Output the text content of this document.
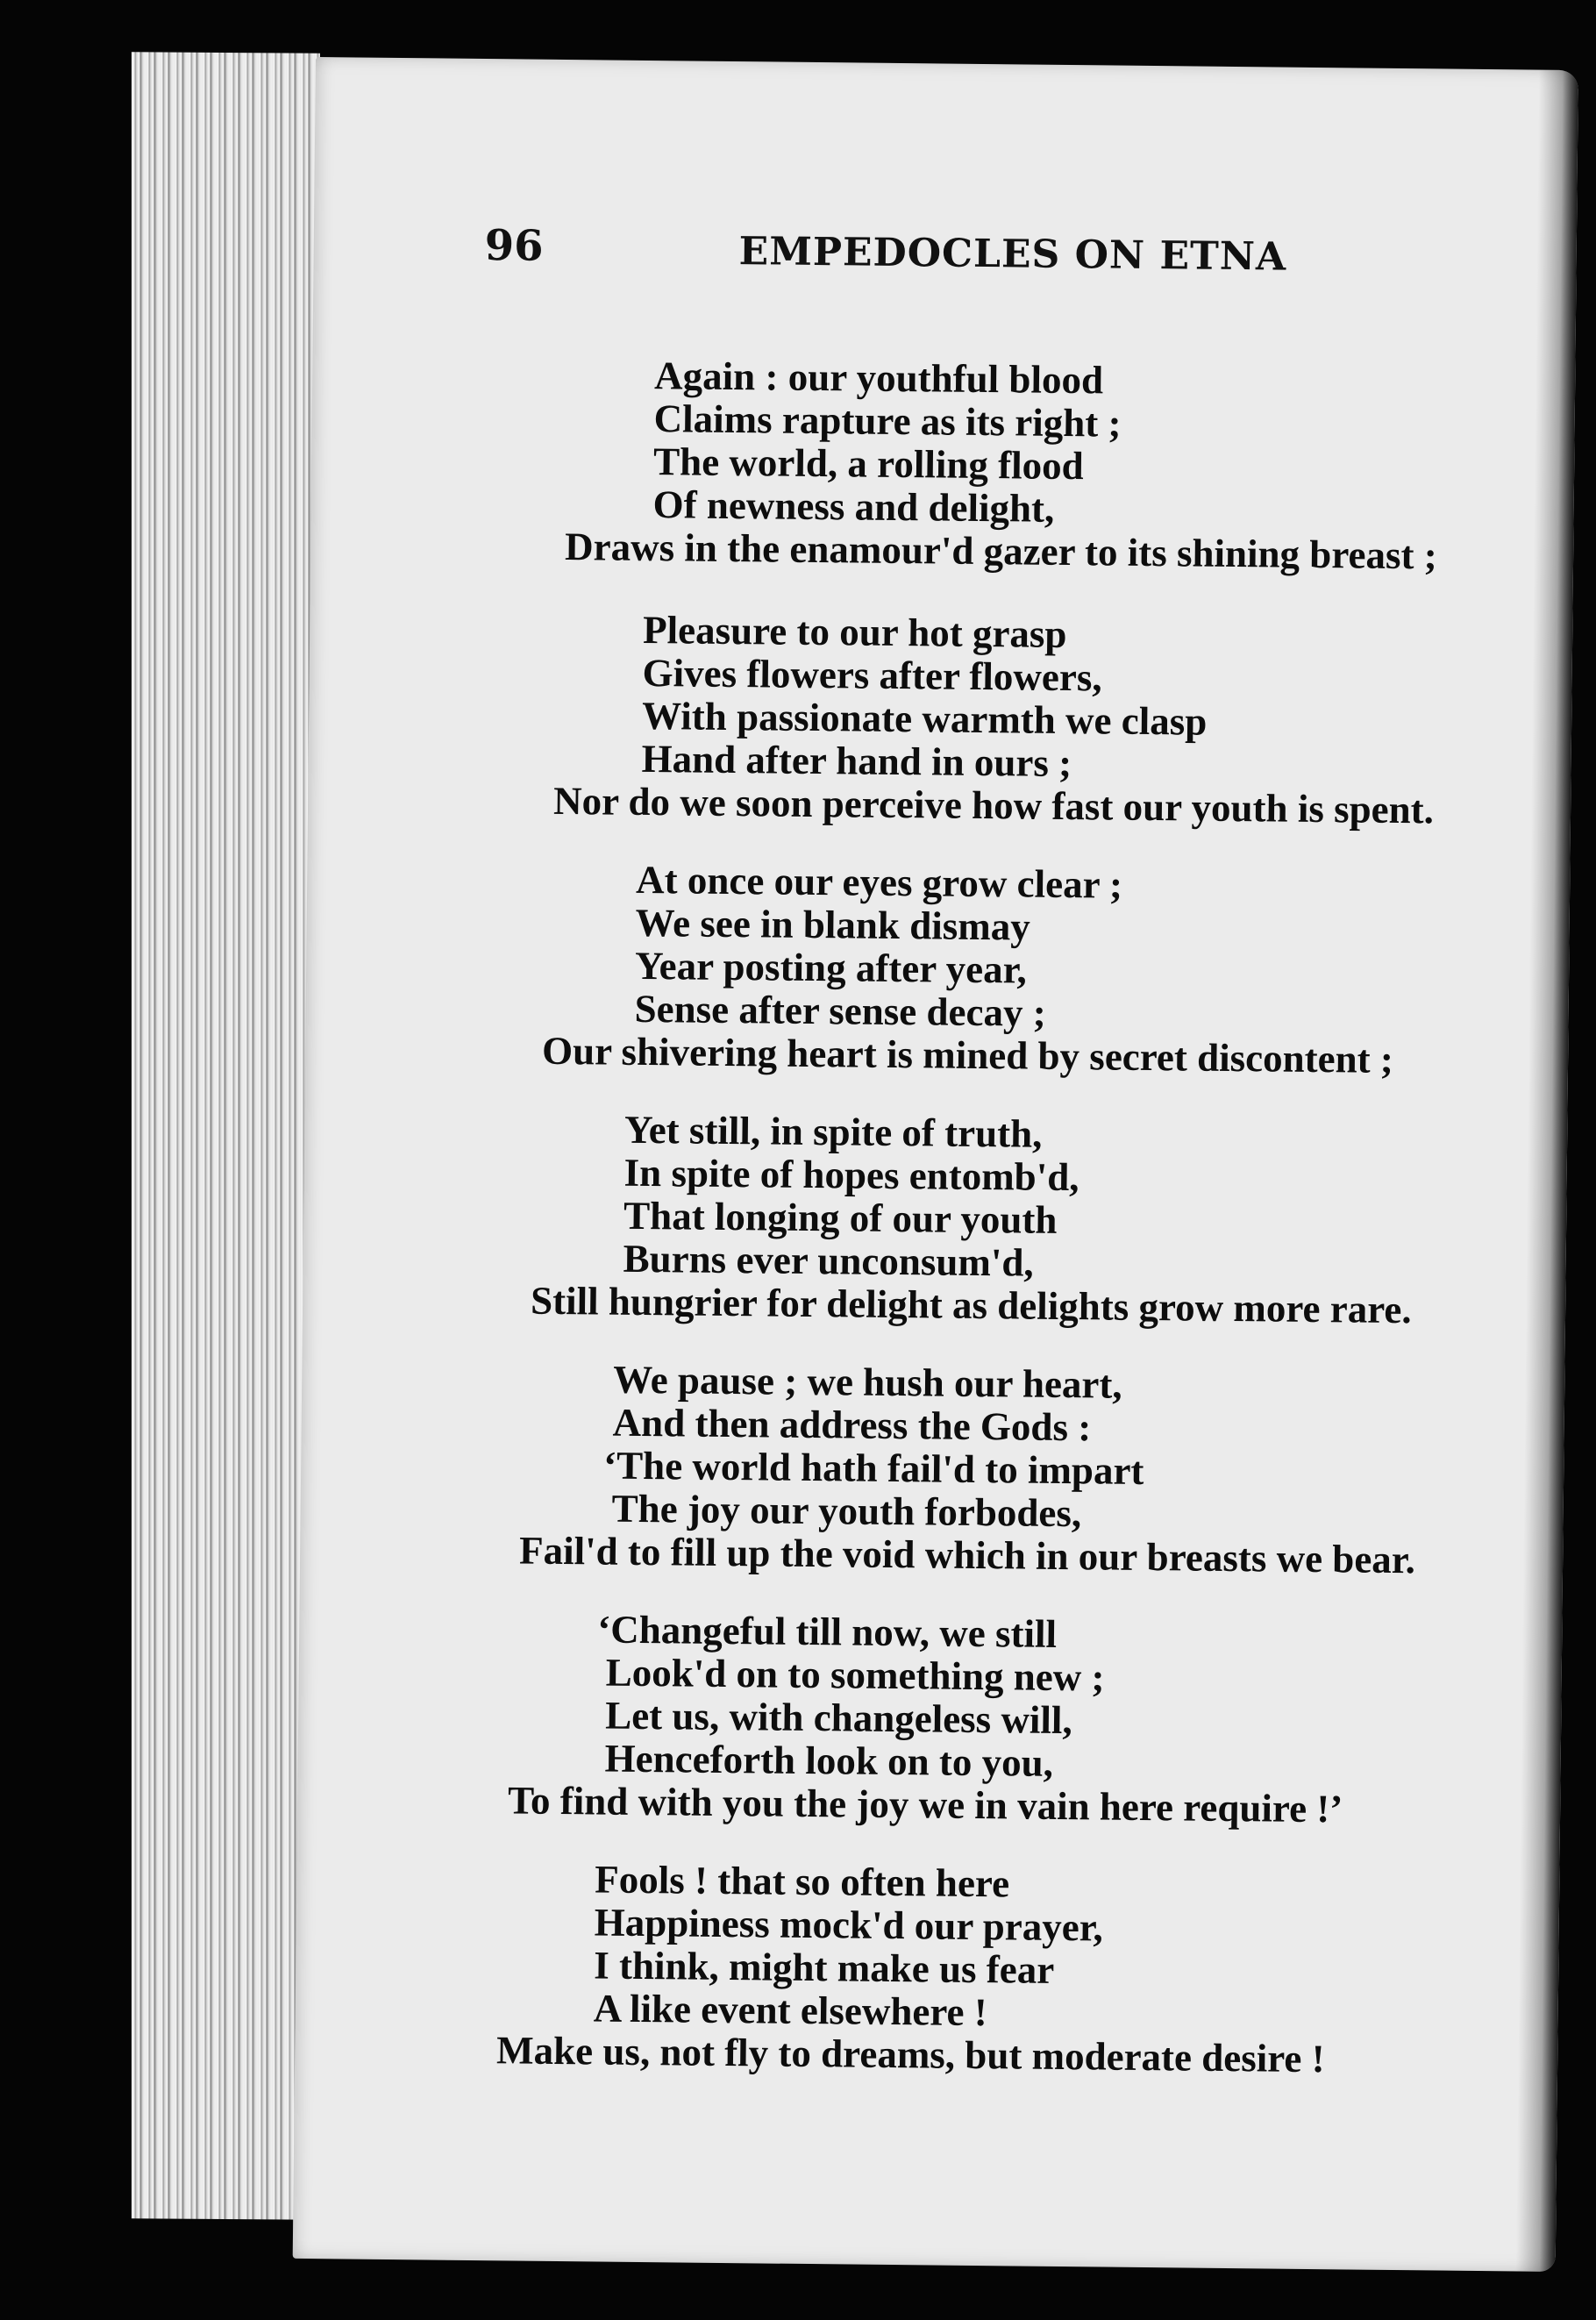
96	EMPEDOCLES ON ETNA
Again : our youthful blood
Claims rapture as its right ;
The world, a rolling flood
Of newness and delight,
Draws in the enamour'd gazer to its shining breast ;
Pleasure to our hot grasp
Gives flowers after flowers,
With passionate warmth we clasp
Hand after hand in ours ;
Nor do we soon perceive how fast our youth is spent.
At once our eyes grow clear ;
We see in blank dismay
Year posting after year,
Sense after sense decay ;
Our shivering heart is mined by secret discontent ;
Yet still, in spite of truth,
In spite of hopes entomb'd,
That longing of our youth
Burns ever unconsum'd,
Still hungrier for delight as delights grow more rare.
We pause ; we hush our heart,
And then address the Gods :
‘The world hath fail'd to impart
The joy our youth forbodes,
Fail'd to fill up the void which in our breasts we bear.
‘Changeful till now, we still
Look'd on to something new ;
Let us, with changeless will,
Henceforth look on to you,
To find with you the joy we in vain here require !’
Fools ! that so often here
Happiness mock'd our prayer,
I think, might make us fear
A like event elsewhere !
Make us, not fly to dreams, but moderate desire !
